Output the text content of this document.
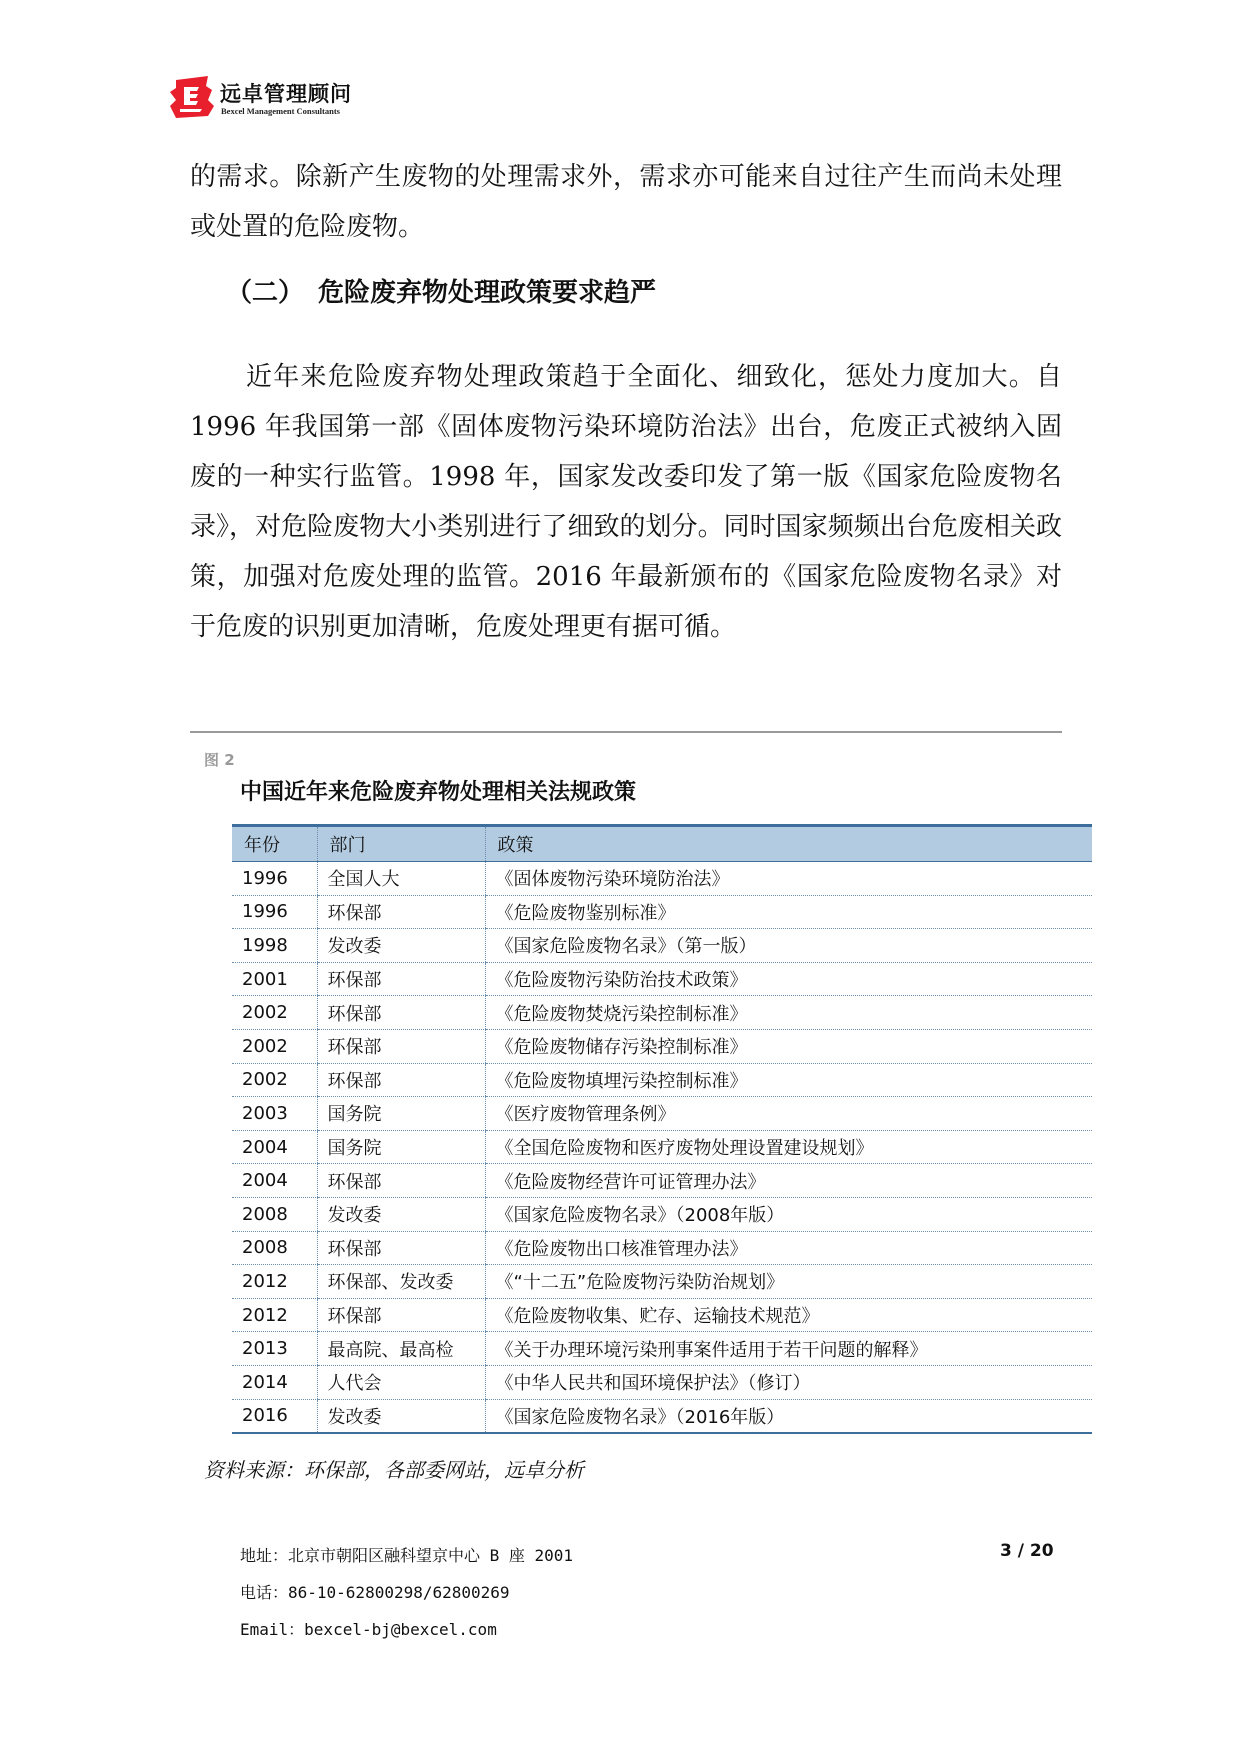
远卓管理顾问
Bexcel Management Consultants

的需求。除新产生废物的处理需求外，需求亦可能来自过往产生而尚未处理或处置的危险废物。

（二） 危险废弃物处理政策要求趋严

近年来危险废弃物处理政策趋于全面化、细致化，惩处力度加大。自 1996 年我国第一部《固体废物污染环境防治法》出台，危废正式被纳入固废的一种实行监管。1998 年，国家发改委印发了第一版《国家危险废物名录》，对危险废物大小类别进行了细致的划分。同时国家频频出台危废相关政策，加强对危废处理的监管。2016 年最新颁布的《国家危险废物名录》对于危废的识别更加清晰，危废处理更有据可循。

图 2
中国近年来危险废弃物处理相关法规政策
年份	部门	政策
1996	全国人大	《固体废物污染环境防治法》
1996	环保部	《危险废物鉴别标准》
1998	发改委	《国家危险废物名录》（第一版）
2001	环保部	《危险废物污染防治技术政策》
2002	环保部	《危险废物焚烧污染控制标准》
2002	环保部	《危险废物储存污染控制标准》
2002	环保部	《危险废物填埋污染控制标准》
2003	国务院	《医疗废物管理条例》
2004	国务院	《全国危险废物和医疗废物处理设置建设规划》
2004	环保部	《危险废物经营许可证管理办法》
2008	发改委	《国家危险废物名录》（2008年版）
2008	环保部	《危险废物出口核准管理办法》
2012	环保部、发改委	《“十二五”危险废物污染防治规划》
2012	环保部	《危险废物收集、贮存、运输技术规范》
2013	最高院、最高检	《关于办理环境污染刑事案件适用于若干问题的解释》
2014	人代会	《中华人民共和国环境保护法》（修订）
2016	发改委	《国家危险废物名录》（2016年版）
资料来源：环保部，各部委网站，远卓分析
地址：北京市朝阳区融科望京中心 B 座 2001
电话：86-10-62800298/62800269
Email：bexcel-bj@bexcel.com
3 / 20
